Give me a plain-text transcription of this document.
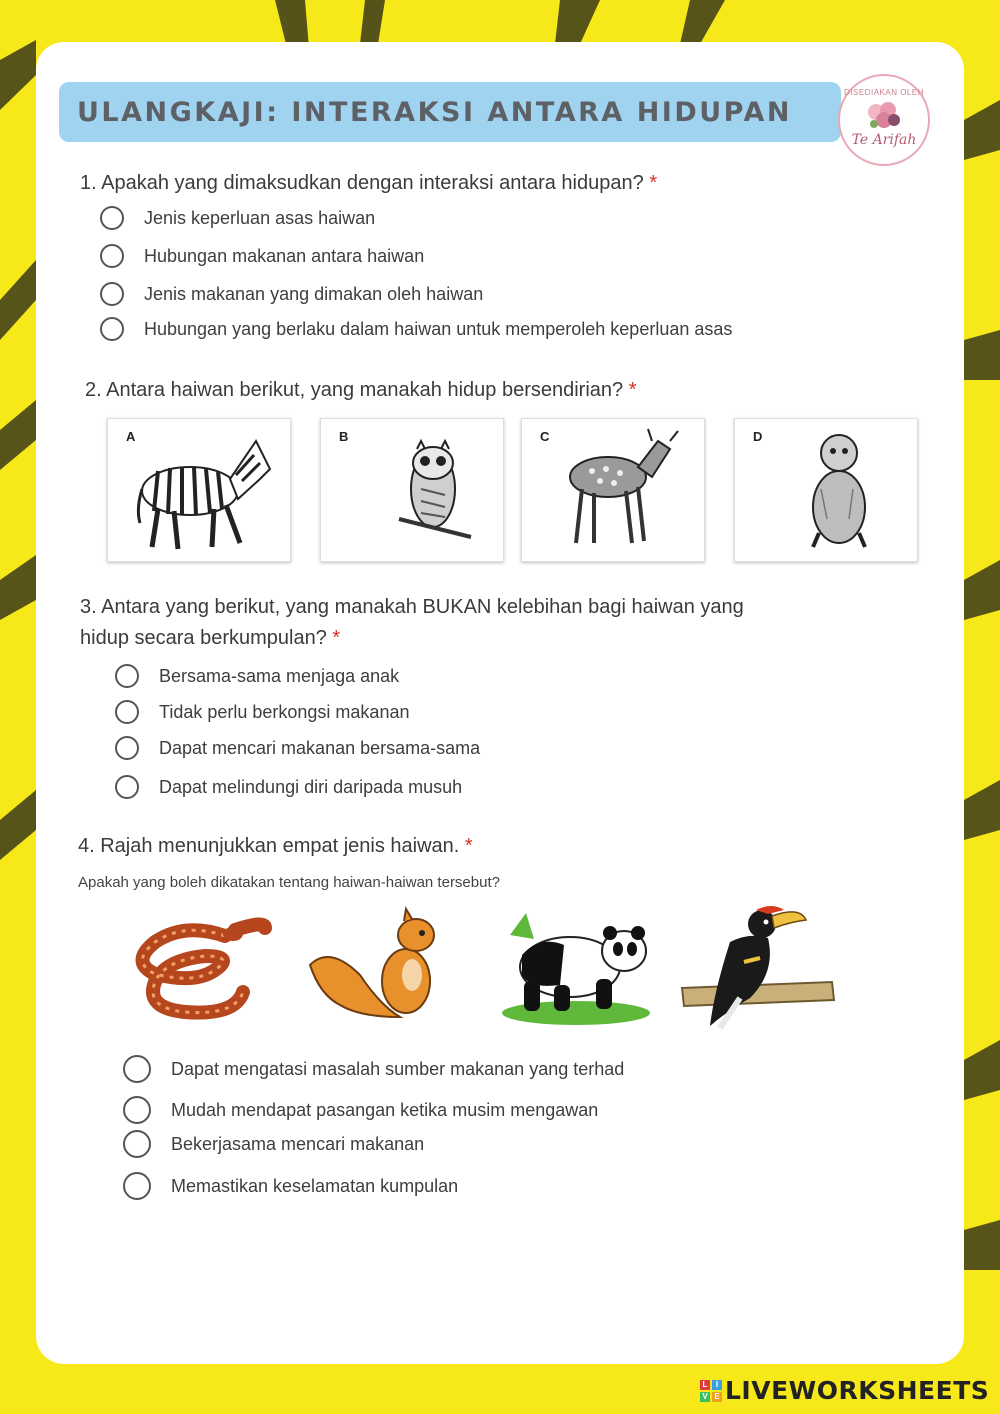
ULANGKAJI: INTERAKSI ANTARA HIDUPAN
DISEDIAKAN OLEH
Te Arifah
1. Apakah yang dimaksudkan dengan interaksi antara hidupan? *
Jenis keperluan asas haiwan
Hubungan makanan antara haiwan
Jenis makanan yang dimakan oleh haiwan
Hubungan yang berlaku dalam haiwan untuk memperoleh keperluan asas
2. Antara haiwan berikut, yang manakah hidup bersendirian? *
A	B	C	D
3. Antara yang berikut, yang manakah BUKAN kelebihan bagi haiwan yang
hidup secara berkumpulan? *
Bersama-sama menjaga anak
Tidak perlu berkongsi makanan
Dapat mencari makanan bersama-sama
Dapat melindungi diri daripada musuh
4. Rajah menunjukkan empat jenis haiwan. *
Apakah yang boleh dikatakan tentang haiwan-haiwan tersebut?
Dapat mengatasi masalah sumber makanan yang terhad
Mudah mendapat pasangan ketika musim mengawan
Bekerjasama mencari makanan
Memastikan keselamatan kumpulan
L	I
V E LIVEWORKSHEETS
